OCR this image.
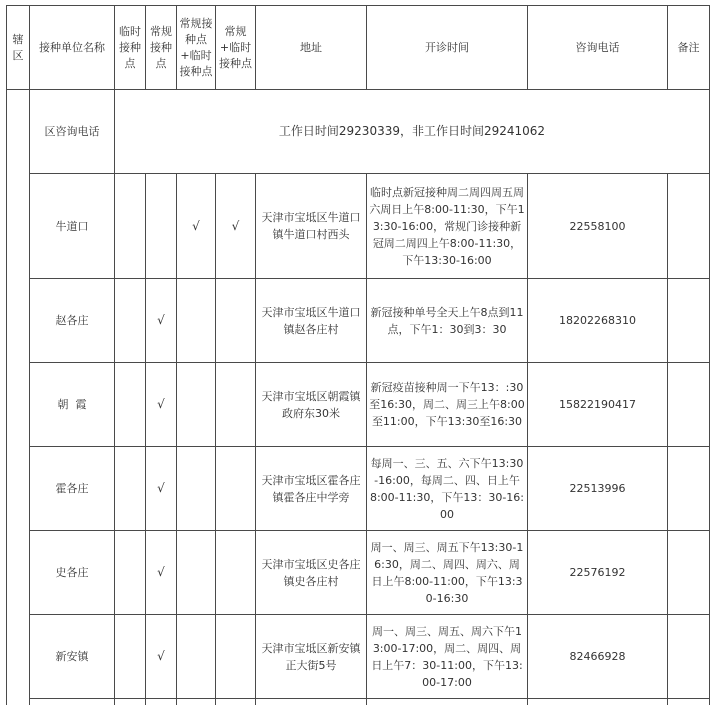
辖区	接种单位名称	临时接种点	常规接种点	常规接种点+临时接种点	常规+临时接种点	地址	开诊时间	咨询电话	备注
	区咨询电话	工作日时间29230339，非工作日时间29241062							
	牛道口			√	√	天津市宝坻区牛道口镇牛道口村西头	临时点新冠接种周二周四周五周六周日上午8:00-11:30，下午13:30-16:00，常规门诊接种新冠周二周四上午8:00-11:30，下午13:30-16:00	22558100	
	赵各庄		√			天津市宝坻区牛道口镇赵各庄村	新冠接种单号全天上午8点到11点，下午1：30到3：30	18202268310	
	朝  霞		√			天津市宝坻区朝霞镇政府东30米	新冠疫苗接种周一下午13：:30至16:30，周二、周三上午8:00至11:00，下午13:30至16:30	15822190417	
	霍各庄		√			天津市宝坻区霍各庄镇霍各庄中学旁	每周一、三、五、六下午13:30-16:00，每周二、四、日上午8:00-11:30，下午13：30-16:00	22513996	
	史各庄		√			天津市宝坻区史各庄镇史各庄村	周一、周三、周五下午13:30-16:30，周二、周四、周六、周日上午8:00-11:00，下午13:30-16:30	22576192	
	新安镇		√			天津市宝坻区新安镇正大街5号	周一、周三、周五、周六下午13:00-17:00，周二、周四、周日上午7：30-11:00，下午13:00-17:00	82466928	
